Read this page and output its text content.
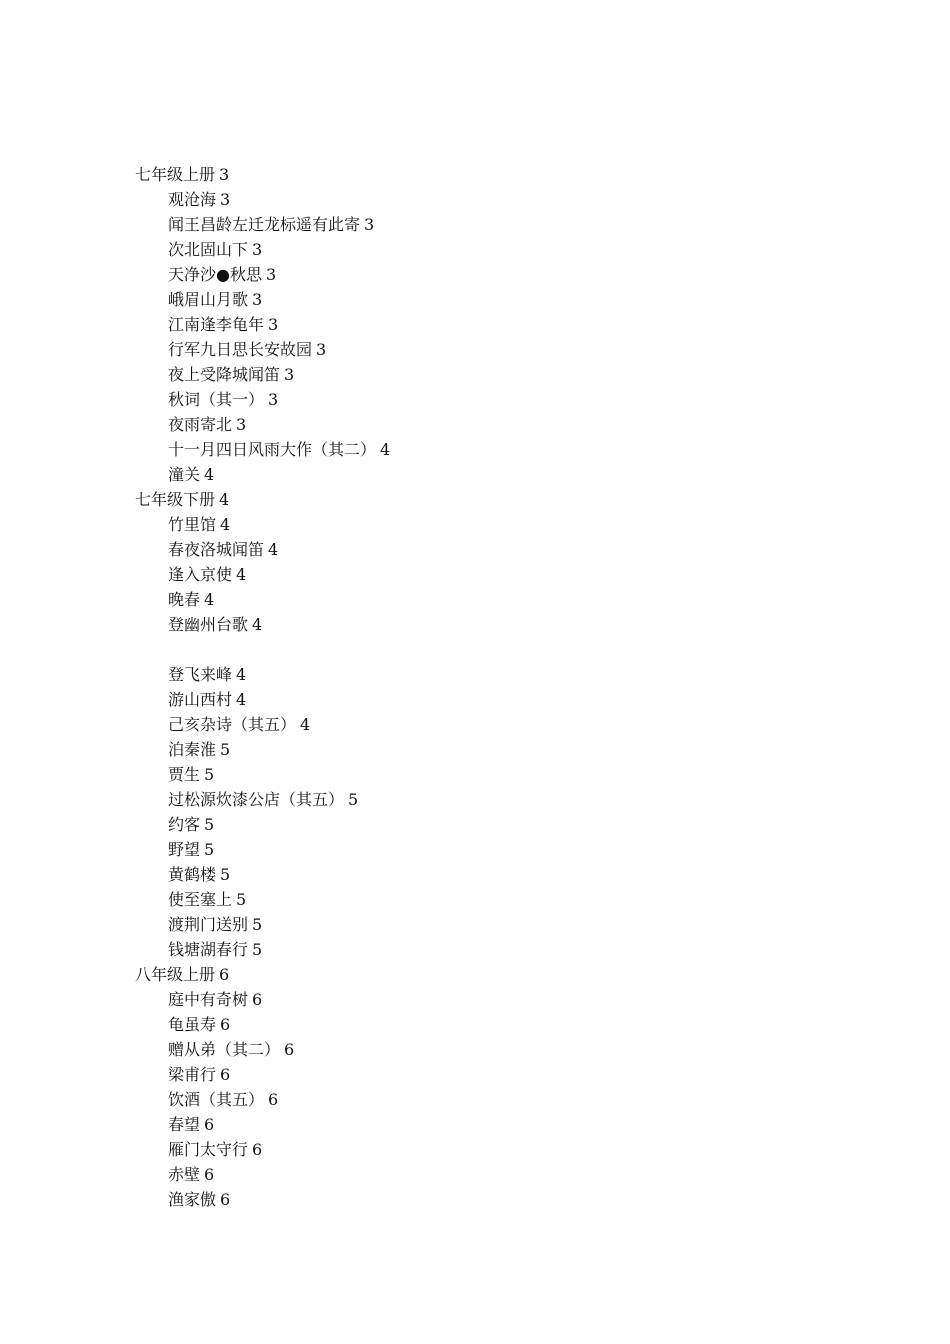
七年级上册 3
观沧海 3
闻王昌龄左迁龙标遥有此寄 3
次北固山下 3
天净沙●秋思 3
峨眉山月歌 3
江南逢李龟年 3
行军九日思长安故园 3
夜上受降城闻笛 3
秋词（其一） 3
夜雨寄北 3
十一月四日风雨大作（其二） 4
潼关 4
七年级下册 4
竹里馆 4
春夜洛城闻笛 4
逢入京使 4
晚春 4
登幽州台歌 4
登飞来峰 4
游山西村 4
己亥杂诗（其五） 4
泊秦淮 5
贾生 5
过松源炊漆公店（其五） 5
约客 5
野望 5
黄鹤楼 5
使至塞上 5
渡荆门送别 5
钱塘湖春行 5
八年级上册 6
庭中有奇树 6
龟虽寿 6
赠从弟（其二） 6
梁甫行 6
饮酒（其五） 6
春望 6
雁门太守行 6
赤壁 6
渔家傲 6
